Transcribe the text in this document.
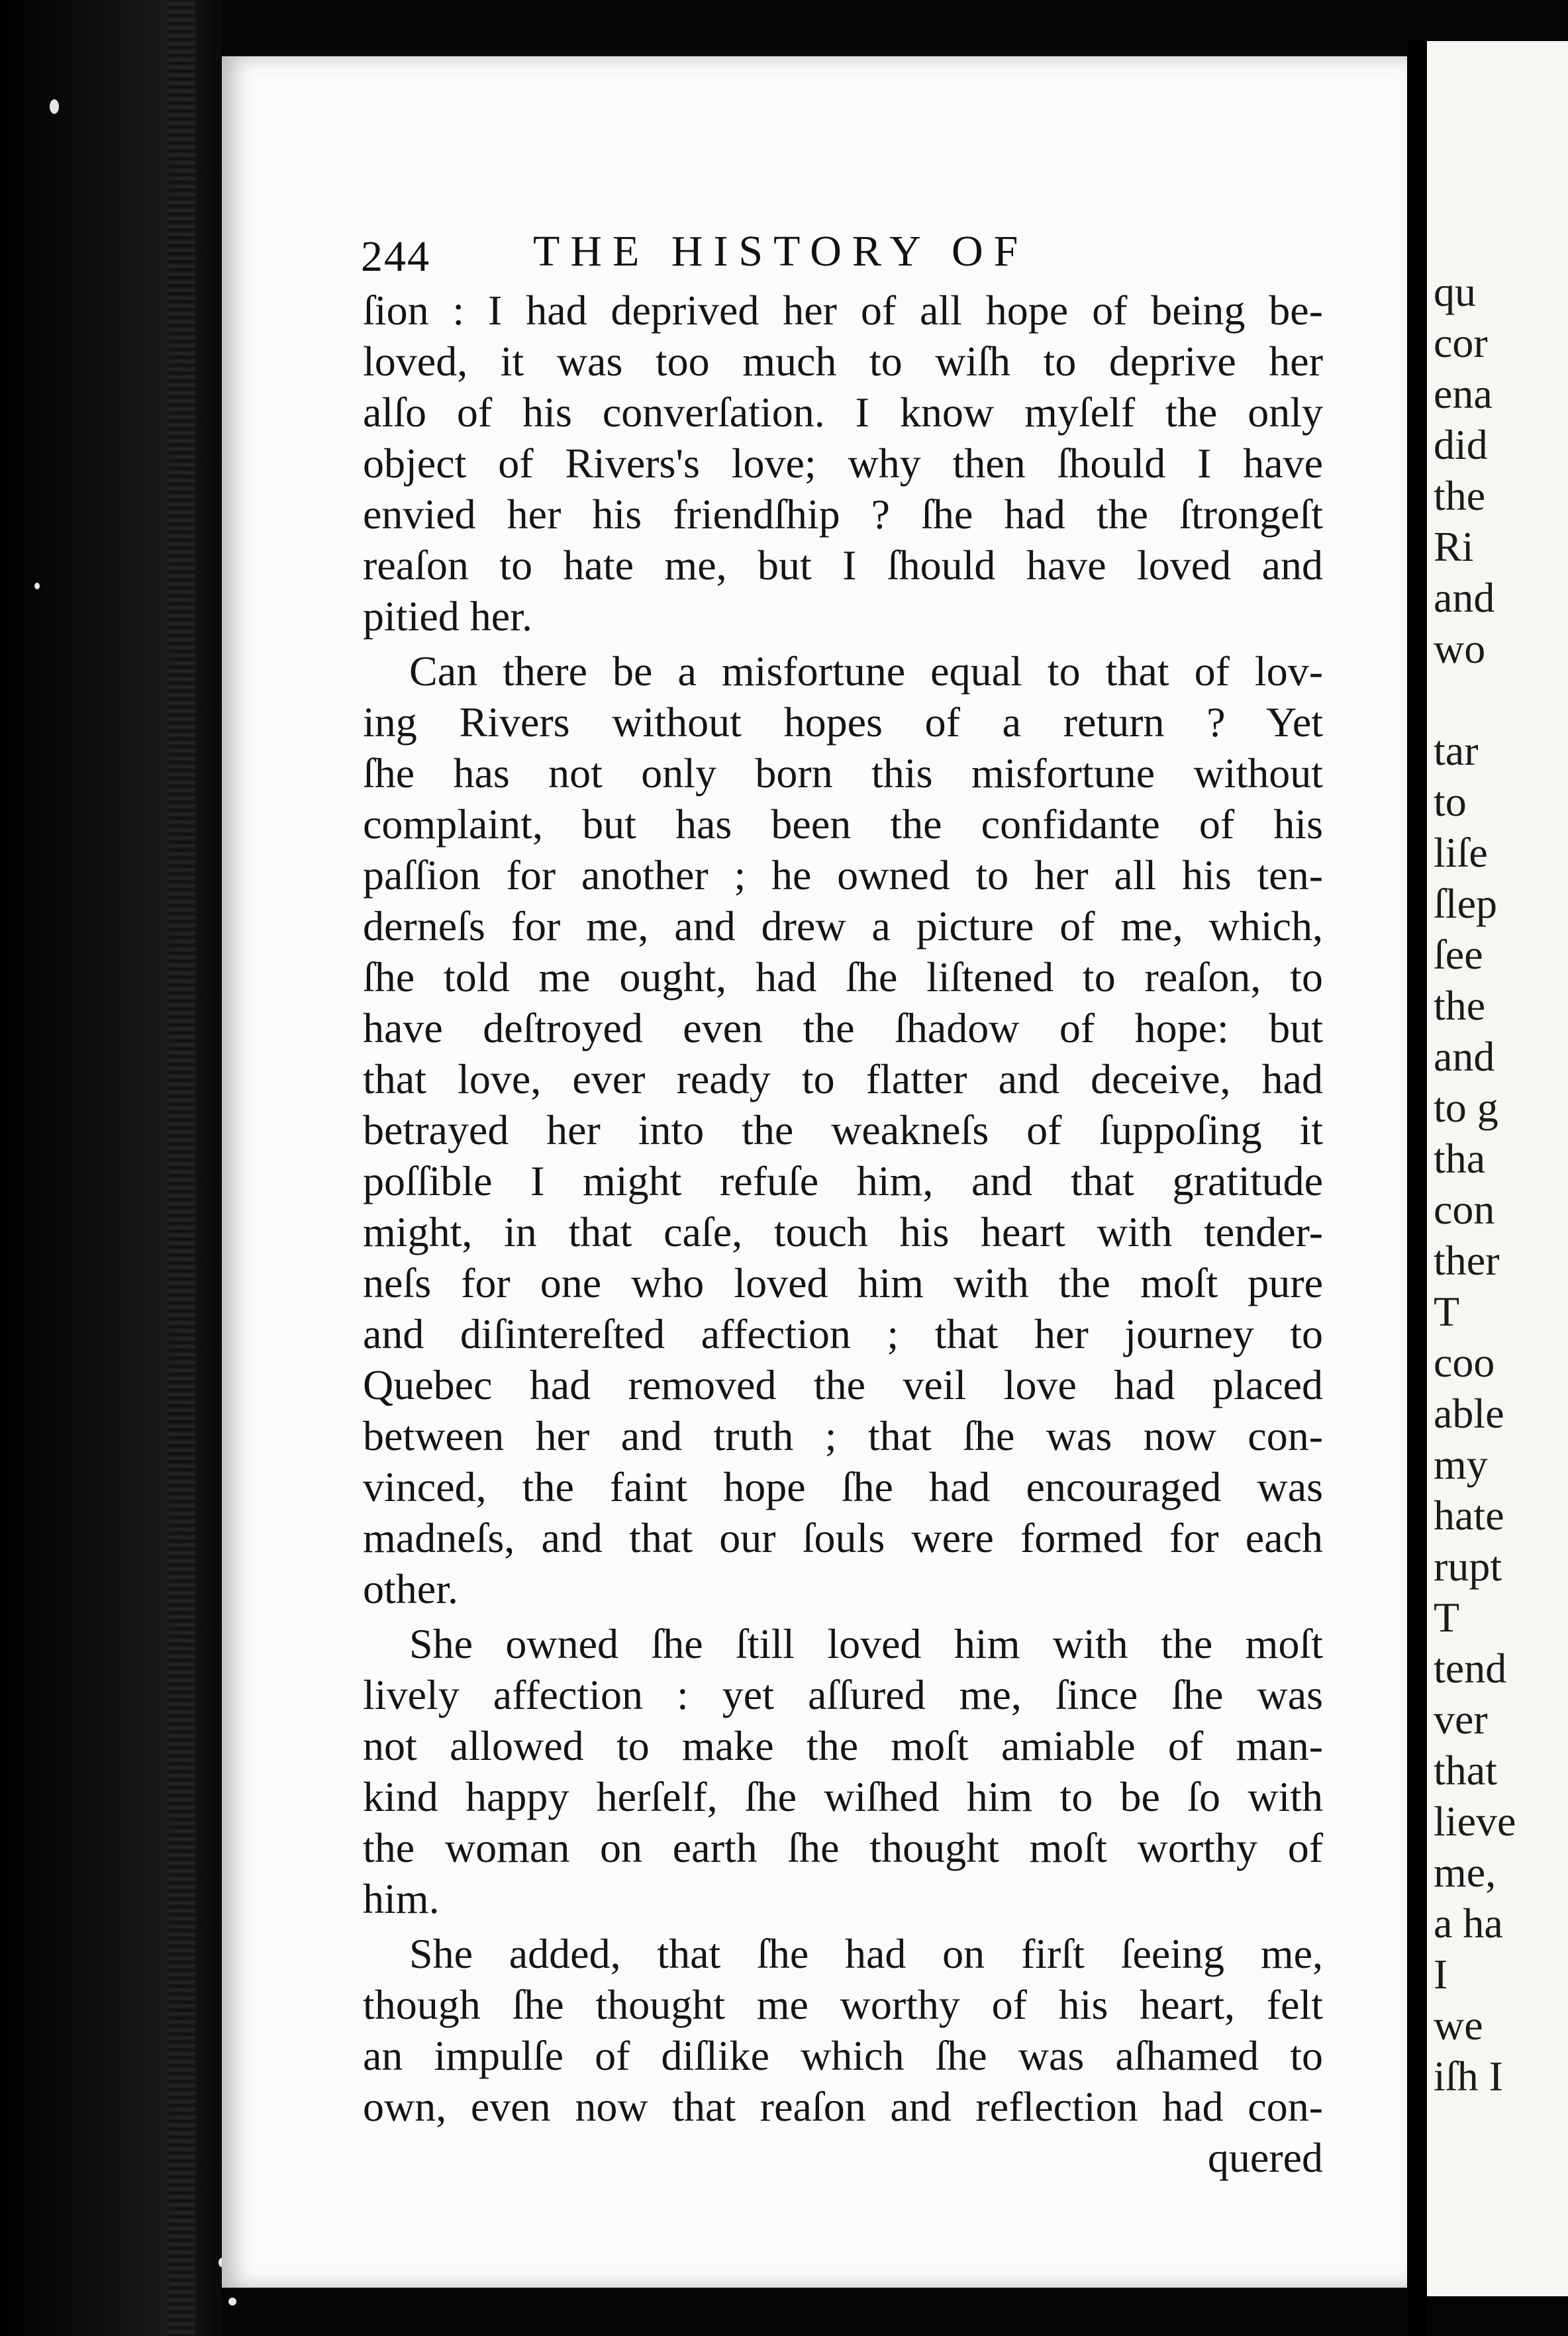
qu
cor
ena
did
the
Ri
and
wo
tar
to
liſe
ſlep
ſee
the
and
to g
tha
con
ther
T
coo
able
my
hate
rupt
T
tend
ver
that
lieve
me,
a ha
I
we
iſh I
244 THE HISTORY OF
ſion : I had deprived her of all hope of being be-
loved, it was too much to wiſh to deprive her
alſo of his converſation. I know myſelf the only
object of Rivers's love; why then ſhould I have
envied her his friendſhip ? ſhe had the ſtrongeſt
reaſon to hate me, but I ſhould have loved and
pitied her.
Can there be a misfortune equal to that of lov-
ing Rivers without hopes of a return ? Yet
ſhe has not only born this misfortune without
complaint, but has been the confidante of his
paſſion for another ; he owned to her all his ten-
derneſs for me, and drew a picture of me, which,
ſhe told me ought, had ſhe liſtened to reaſon, to
have deſtroyed even the ſhadow of hope: but
that love, ever ready to flatter and deceive, had
betrayed her into the weakneſs of ſuppoſing it
poſſible I might refuſe him, and that gratitude
might, in that caſe, touch his heart with tender-
neſs for one who loved him with the moſt pure
and diſintereſted affection ; that her journey to
Quebec had removed the veil love had placed
between her and truth ; that ſhe was now con-
vinced, the faint hope ſhe had encouraged was
madneſs, and that our ſouls were formed for each
other.
She owned ſhe ſtill loved him with the moſt
lively affection : yet aſſured me, ſince ſhe was
not allowed to make the moſt amiable of man-
kind happy herſelf, ſhe wiſhed him to be ſo with
the woman on earth ſhe thought moſt worthy of
him.
She added, that ſhe had on firſt ſeeing me,
though ſhe thought me worthy of his heart, felt
an impulſe of diſlike which ſhe was aſhamed to
own, even now that reaſon and reflection had con-
quered
